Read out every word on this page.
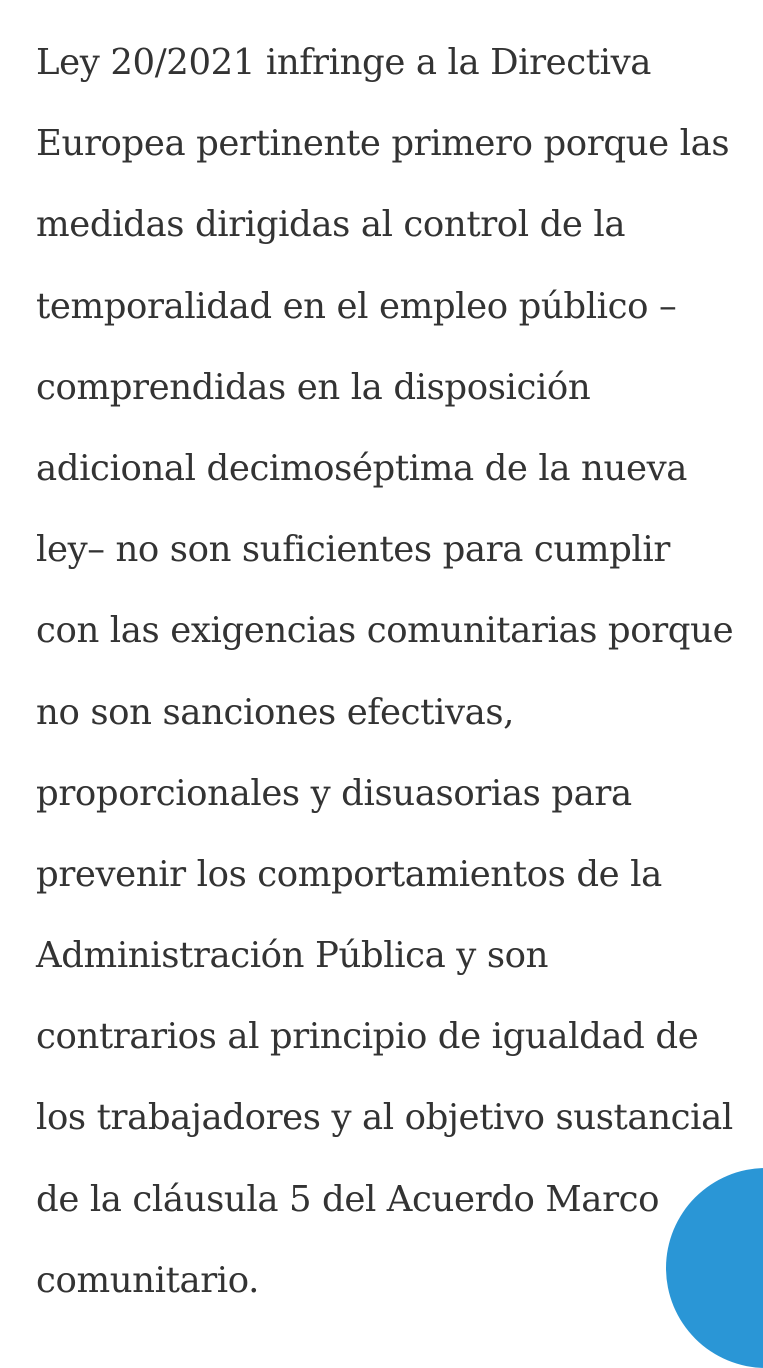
Ley 20/2021 infringe a la Directiva
Europea pertinente primero porque las
medidas dirigidas al control de la
temporalidad en el empleo público –
comprendidas en la disposición
adicional decimoséptima de la nueva
ley– no son suficientes para cumplir
con las exigencias comunitarias porque
no son sanciones efectivas,
proporcionales y disuasorias para
prevenir los comportamientos de la
Administración Pública y son
contrarios al principio de igualdad de
los trabajadores y al objetivo sustancial
de la cláusula 5 del Acuerdo Marco
comunitario.
